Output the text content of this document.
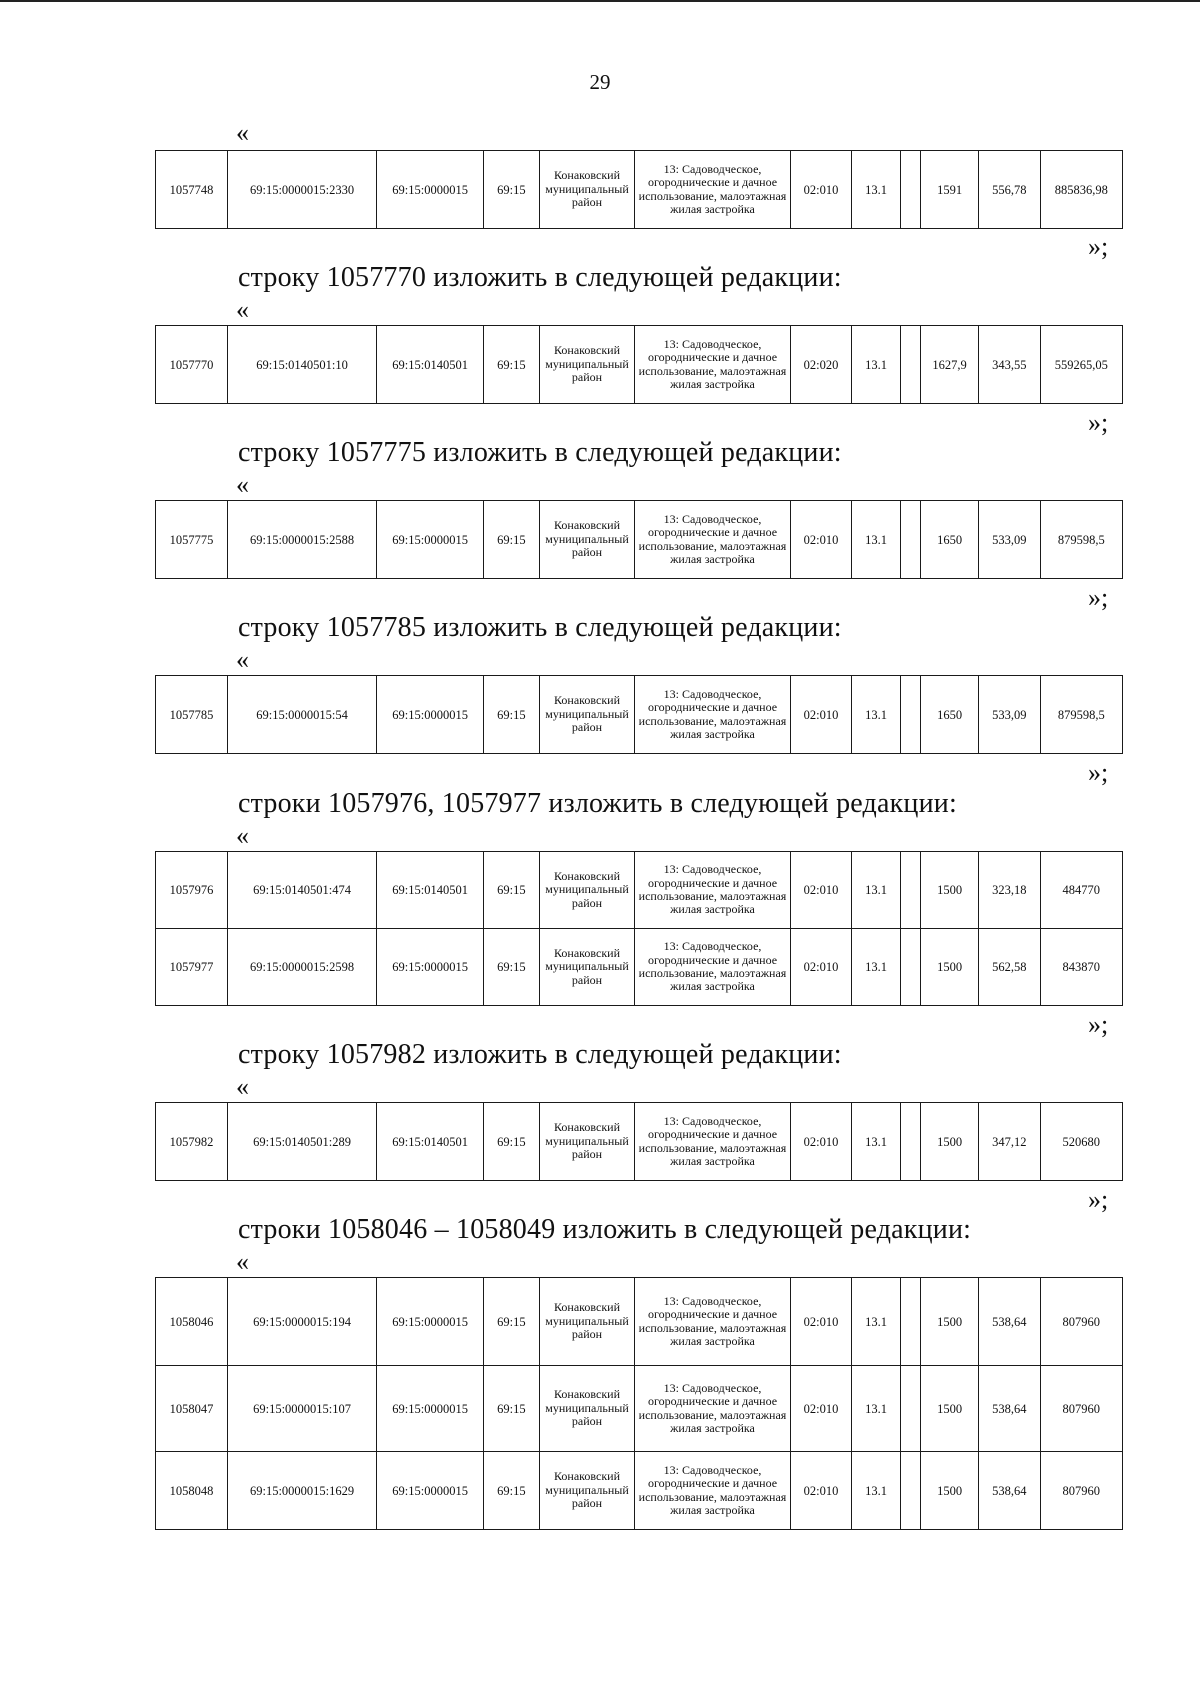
29
«
1057748	69:15:0000015:2330	69:15:0000015	69:15	Конаковский муниципальный район	13: Садоводческое, огороднические и дачное использование, малоэтажная жилая застройка	02:010	13.1		1591	556,78	885836,98
»;
строку 1057770 изложить в следующей редакции:
«
1057770	69:15:0140501:10	69:15:0140501	69:15	Конаковский муниципальный район	13: Садоводческое, огороднические и дачное использование, малоэтажная жилая застройка	02:020	13.1		1627,9	343,55	559265,05
»;
строку 1057775 изложить в следующей редакции:
«
1057775	69:15:0000015:2588	69:15:0000015	69:15	Конаковский муниципальный район	13: Садоводческое, огороднические и дачное использование, малоэтажная жилая застройка	02:010	13.1		1650	533,09	879598,5
»;
строку 1057785 изложить в следующей редакции:
«
1057785	69:15:0000015:54	69:15:0000015	69:15	Конаковский муниципальный район	13: Садоводческое, огороднические и дачное использование, малоэтажная жилая застройка	02:010	13.1		1650	533,09	879598,5
»;
строки 1057976, 1057977 изложить в следующей редакции:
«
1057976	69:15:0140501:474	69:15:0140501	69:15	Конаковский муниципальный район	13: Садоводческое, огороднические и дачное использование, малоэтажная жилая застройка	02:010	13.1		1500	323,18	484770
1057977	69:15:0000015:2598	69:15:0000015	69:15	Конаковский муниципальный район	13: Садоводческое, огороднические и дачное использование, малоэтажная жилая застройка	02:010	13.1		1500	562,58	843870
»;
строку 1057982 изложить в следующей редакции:
«
1057982	69:15:0140501:289	69:15:0140501	69:15	Конаковский муниципальный район	13: Садоводческое, огороднические и дачное использование, малоэтажная жилая застройка	02:010	13.1		1500	347,12	520680
»;
строки 1058046 – 1058049 изложить в следующей редакции:
«
1058046	69:15:0000015:194	69:15:0000015	69:15	Конаковский муниципальный район	13: Садоводческое, огороднические и дачное использование, малоэтажная жилая застройка	02:010	13.1		1500	538,64	807960
1058047	69:15:0000015:107	69:15:0000015	69:15	Конаковский муниципальный район	13: Садоводческое, огороднические и дачное использование, малоэтажная жилая застройка	02:010	13.1		1500	538,64	807960
1058048	69:15:0000015:1629	69:15:0000015	69:15	Конаковский муниципальный район	13: Садоводческое, огороднические и дачное использование, малоэтажная жилая застройка	02:010	13.1		1500	538,64	807960
